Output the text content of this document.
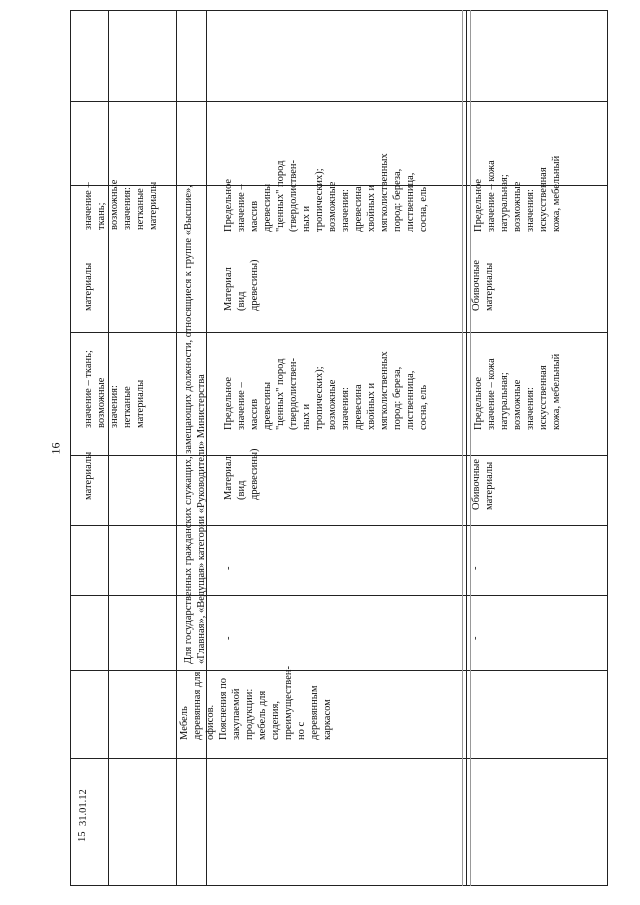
16
15
31.01.12
Мебель деревянная для офисов. Пояснения по закупаемой продукции: мебель для сидения, преимуществен- но с деревянным каркасом
Для государственных гражданских служащих, замещающих должности, относящиеся к группе «Высшие», «Главная», «Ведущая» категории «Руководители» Министерства
материалы
значение – ткань; возможные значения: нетканые материалы
материалы
значение – ткань; возможные значения: нетканые материалы
-
-
-
-
Материал (вид древесины)
Предельное значение – массив древесины "ценных" пород (твердолиствен- ных и тропических); возможные значения: древесина хвойных и мягколиственных пород: береза, лиственница, сосна, ель
Материал (вид древесины)
Предельное значение – массив древесины "ценных" пород (твердолиствен- ных и тропических); возможные значения: древесина хвойных и мягколиственных пород: береза, лиственница, сосна, ель
Обивочные материалы
Предельное значение – кожа натуральная; возможные значения: искусственная кожа, мебельный
Обивочные материалы
Предельное значение – кожа натуральная; возможные значения: искусственная кожа, мебельный
